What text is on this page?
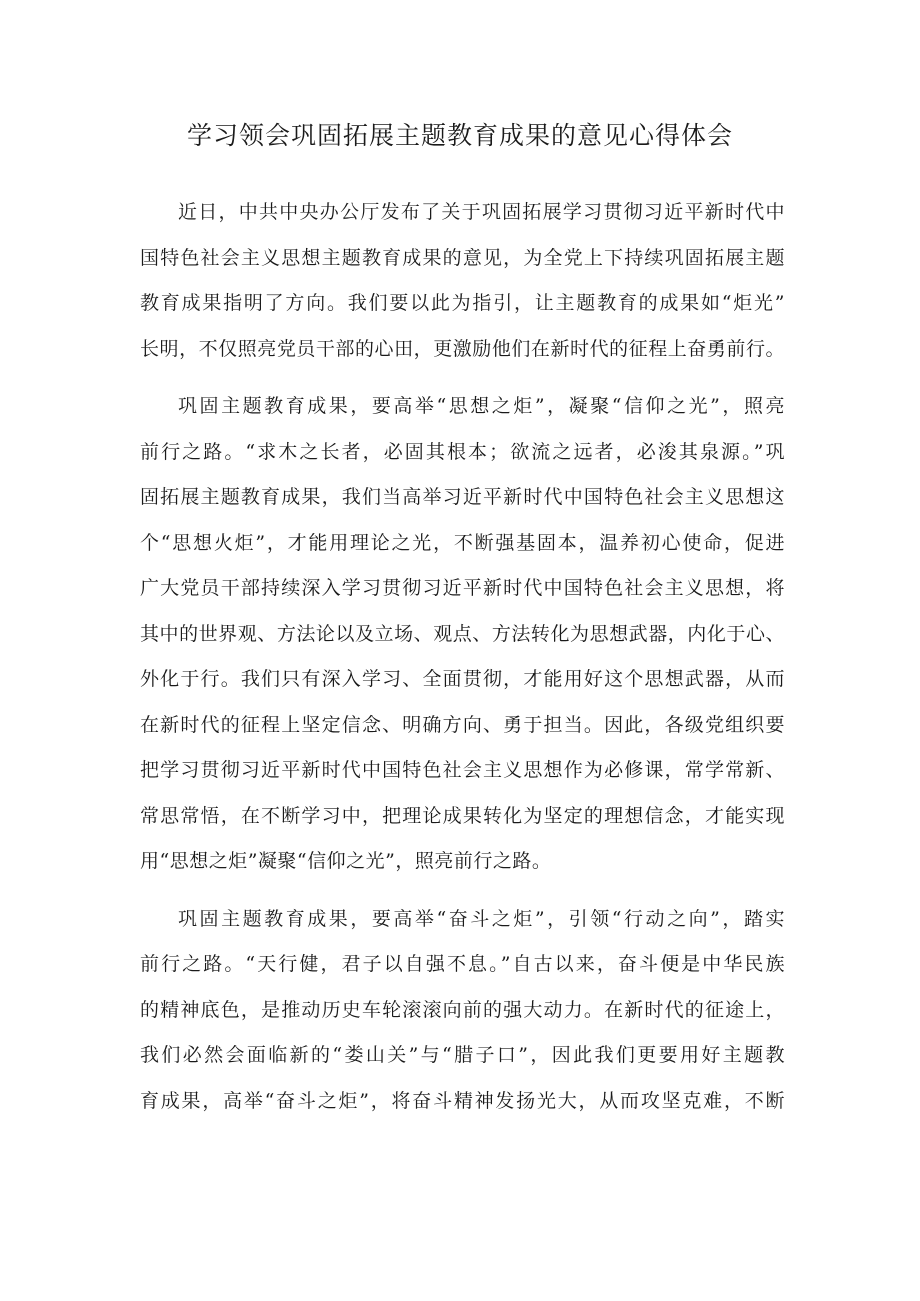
学习领会巩固拓展主题教育成果的意见心得体会
近日，中共中央办公厅发布了关于巩固拓展学习贯彻习近平新时代中
国特色社会主义思想主题教育成果的意见，为全党上下持续巩固拓展主题
教育成果指明了方向。我们要以此为指引，让主题教育的成果如“炬光”
长明，不仅照亮党员干部的心田，更激励他们在新时代的征程上奋勇前行。
巩固主题教育成果，要高举“思想之炬”，凝聚“信仰之光”，照亮
前行之路。“求木之长者，必固其根本；欲流之远者，必浚其泉源。”巩
固拓展主题教育成果，我们当高举习近平新时代中国特色社会主义思想这
个“思想火炬”，才能用理论之光，不断强基固本，温养初心使命，促进
广大党员干部持续深入学习贯彻习近平新时代中国特色社会主义思想，将
其中的世界观、方法论以及立场、观点、方法转化为思想武器，内化于心、
外化于行。我们只有深入学习、全面贯彻，才能用好这个思想武器，从而
在新时代的征程上坚定信念、明确方向、勇于担当。因此，各级党组织要
把学习贯彻习近平新时代中国特色社会主义思想作为必修课，常学常新、
常思常悟，在不断学习中，把理论成果转化为坚定的理想信念，才能实现
用“思想之炬”凝聚“信仰之光”，照亮前行之路。
巩固主题教育成果，要高举“奋斗之炬”，引领“行动之向”，踏实
前行之路。“天行健，君子以自强不息。”自古以来，奋斗便是中华民族
的精神底色，是推动历史车轮滚滚向前的强大动力。在新时代的征途上，
我们必然会面临新的“娄山关”与“腊子口”，因此我们更要用好主题教
育成果，高举“奋斗之炬”，将奋斗精神发扬光大，从而攻坚克难，不断
